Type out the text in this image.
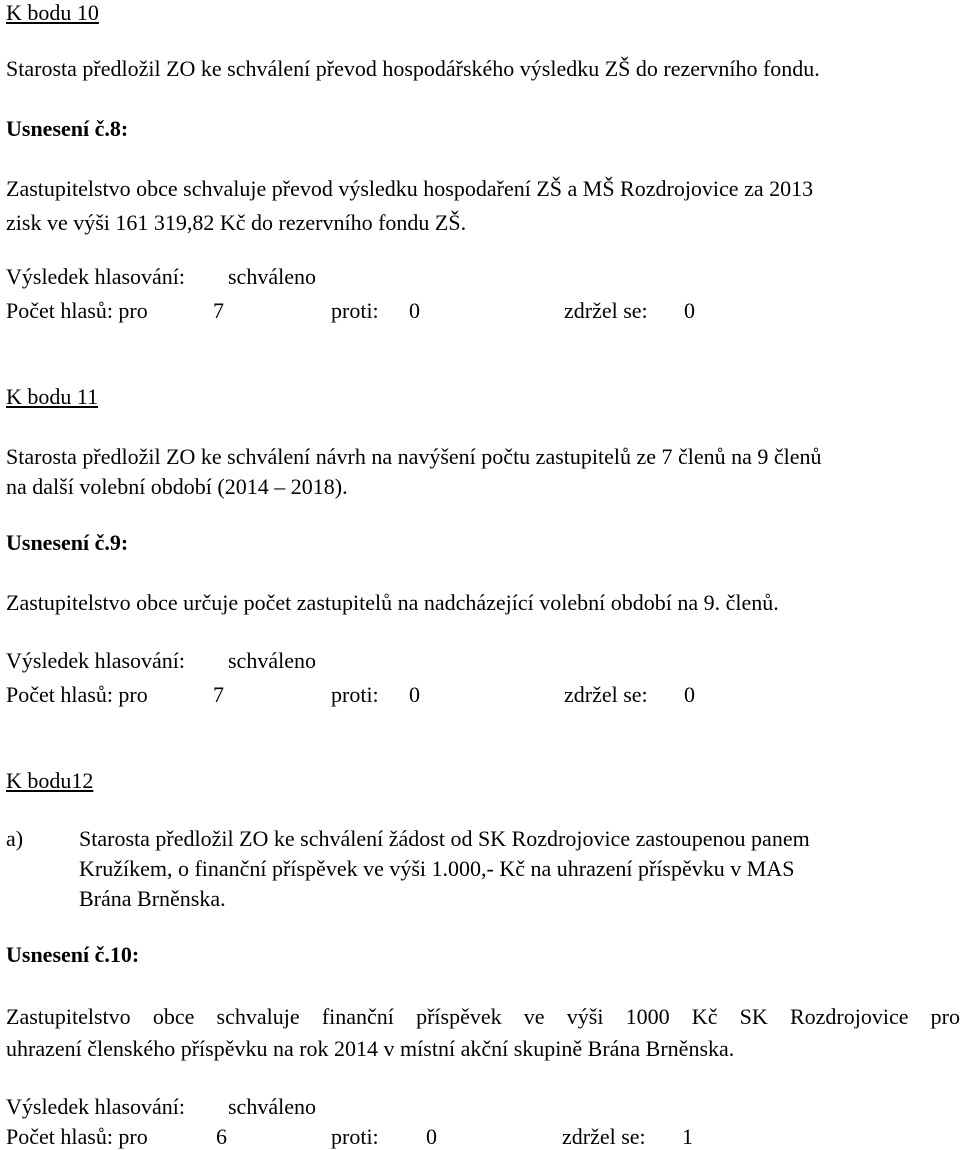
K bodu 10
Starosta předložil ZO ke schválení převod hospodářského výsledku ZŠ do rezervního fondu.
Usnesení č.8:
Zastupitelstvo obce schvaluje převod výsledku hospodaření ZŠ a MŠ Rozdrojovice za 2013
zisk ve výši 161 319,82 Kč do rezervního fondu ZŠ.
Výsledek hlasování: schváleno
Počet hlasů: pro	7	proti: 0	zdržel se: 0
K bodu 11
Starosta předložil ZO ke schválení návrh na navýšení počtu zastupitelů ze 7 členů na 9 členů
na další volební období (2014 – 2018).
Usnesení č.9:
Zastupitelstvo obce určuje počet zastupitelů na nadcházející volební období na 9. členů.
Výsledek hlasování: schváleno
Počet hlasů: pro	7	proti: 0	zdržel se: 0
K bodu12
a)	Starosta předložil ZO ke schválení žádost od SK Rozdrojovice zastoupenou panem
Kružíkem, o finanční příspěvek ve výši 1.000,- Kč na uhrazení příspěvku v MAS
Brána Brněnska.
Usnesení č.10:
Zastupitelstvo obce schvaluje finanční příspěvek ve výši 1000 Kč SK Rozdrojovice pro
uhrazení členského příspěvku na rok 2014 v místní akční skupině Brána Brněnska.
Výsledek hlasování: schváleno
Počet hlasů: pro	6	proti: 0	zdržel se: 1
